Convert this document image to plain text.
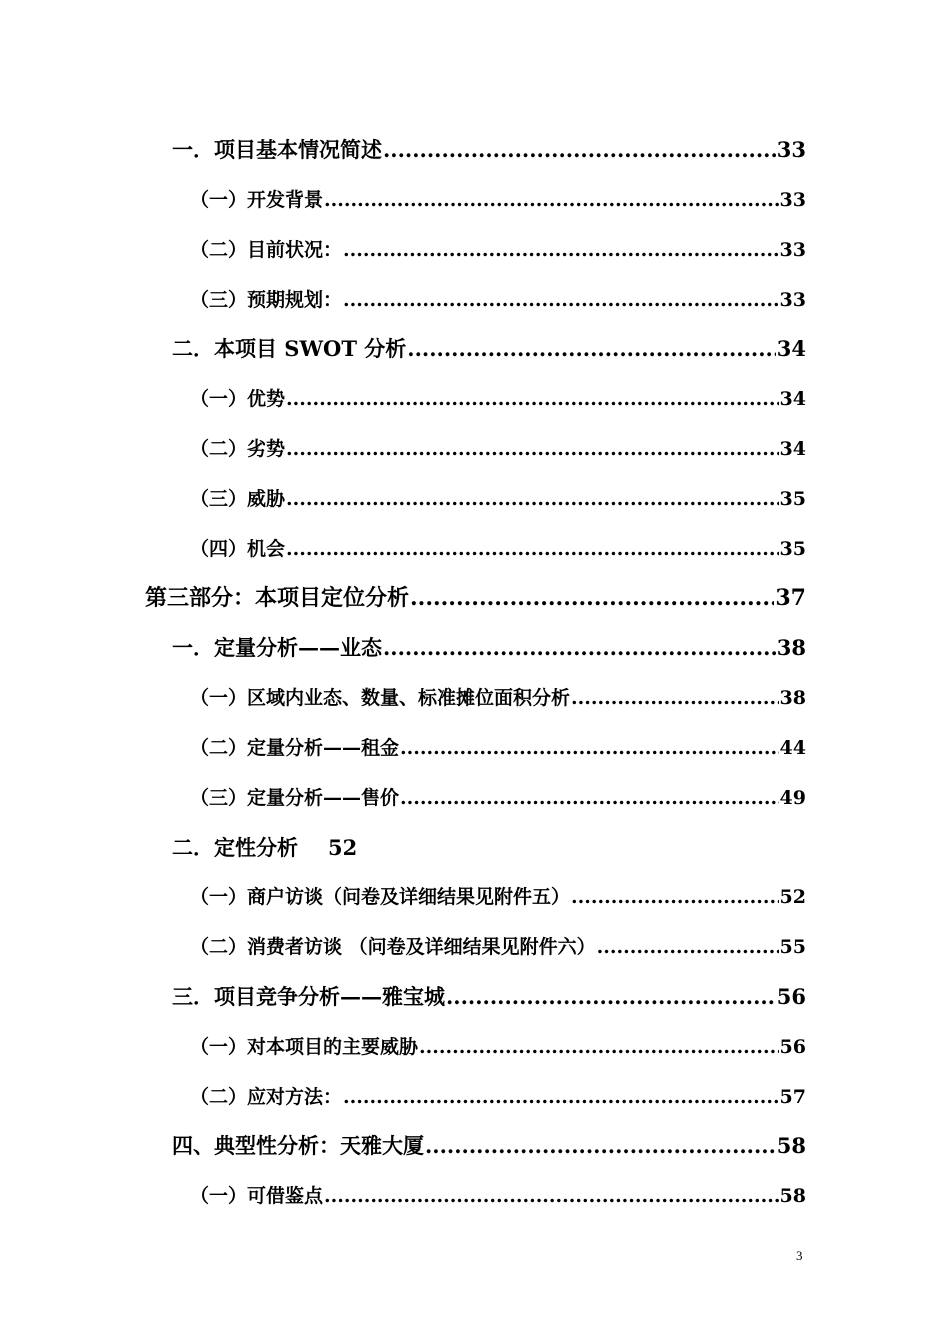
一．项目基本情况简述 .....	33
（一）开发背景 .....	33
（二）目前状况： .....	33
（三）预期规划： .....	33
二．本项目 SWOT 分析 .....	34
（一）优势 .....	34
（二）劣势 .....	34
（三）威胁 .....	35
（四）机会 .....	35
第三部分：本项目定位分析 .....	37
一．定量分析——业态 .....	38
（一）区域内业态、数量、标准摊位面积分析 .....	38
（二）定量分析——租金 .....	44
（三）定量分析——售价 .....	49
二．定性分析 52
（一）商户访谈（问卷及详细结果见附件五） .....	52
（二）消费者访谈 （问卷及详细结果见附件六） .....	55
三．项目竞争分析——雅宝城 .....	56
（一）对本项目的主要威胁 .....	56
（二）应对方法： .....	57
四、典型性分析：天雅大厦 .....	58
（一）可借鉴点 .....	58
3
